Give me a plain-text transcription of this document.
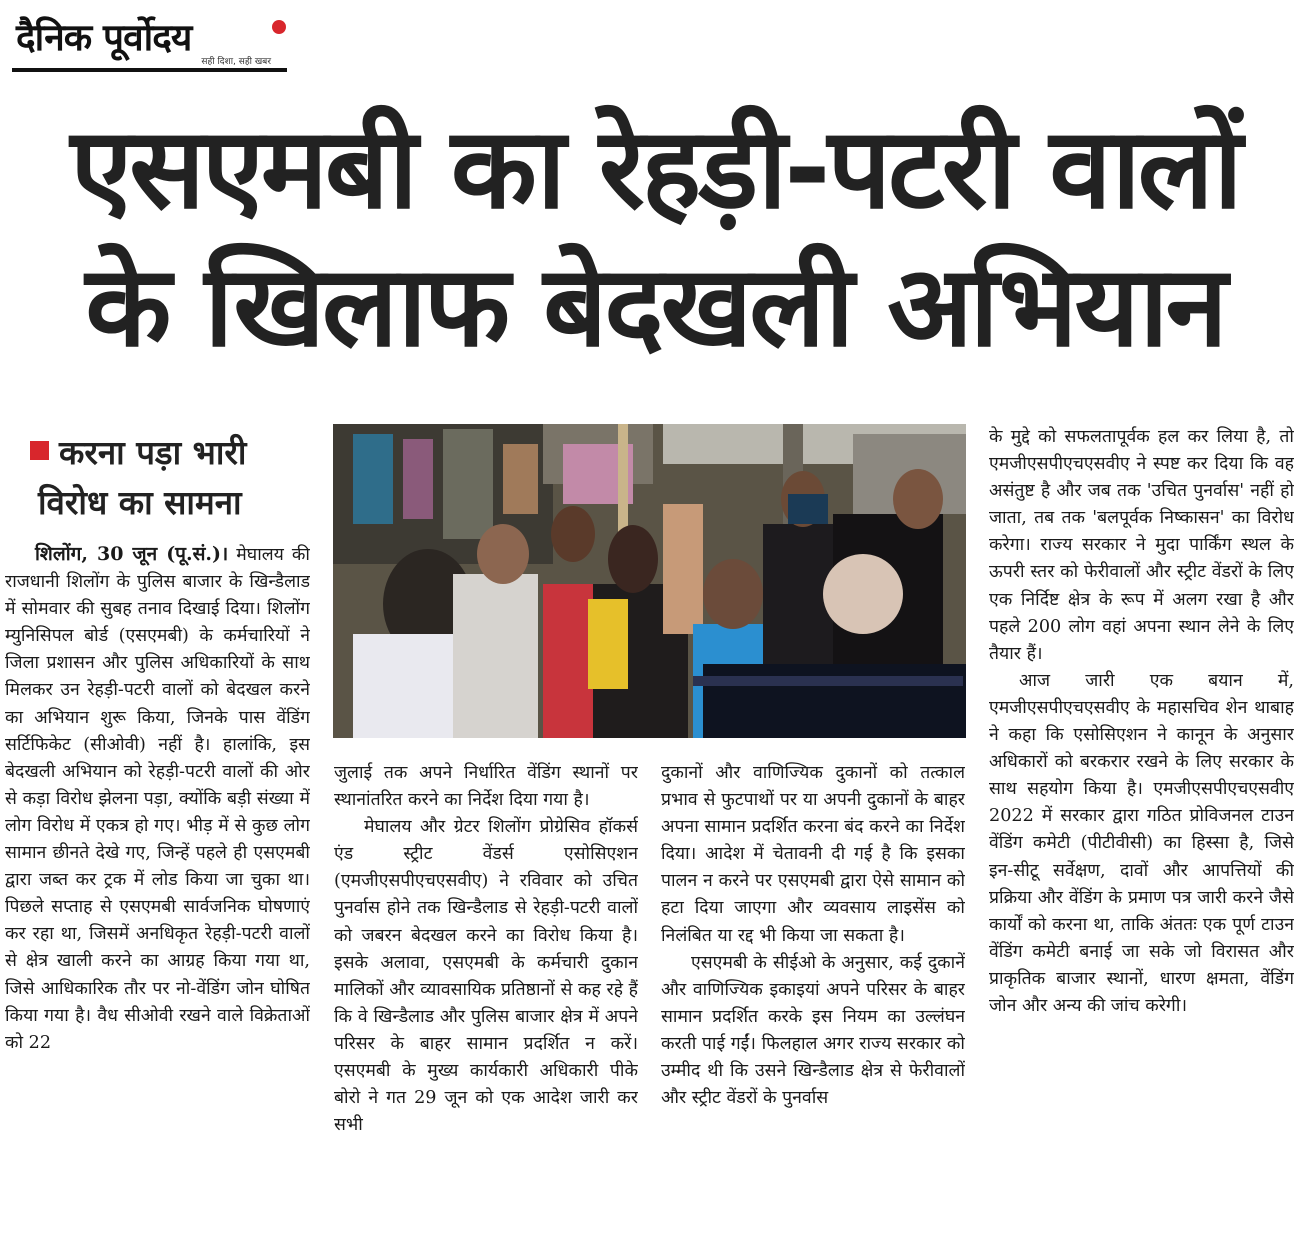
दैनिक पूर्वोदय
सही दिशा, सही खबर
एसएमबी का रेहड़ी-पटरी वालों
के खिलाफ बेदखली अभियान
करना पड़ा भारी
विरोध का सामना

शिलोंग, 30 जून (पू.सं.)। मेघालय की राजधानी शिलोंग के पुलिस बाजार के खिन्डैलाड में सोमवार की सुबह तनाव दिखाई दिया। शिलोंग म्युनिसिपल बोर्ड (एसएमबी) के कर्मचारियों ने जिला प्रशासन और पुलिस अधिकारियों के साथ मिलकर उन रेहड़ी-पटरी वालों को बेदखल करने का अभियान शुरू किया, जिनके पास वेंडिंग सर्टिफिकेट (सीओवी) नहीं है। हालांकि, इस बेदखली अभियान को रेहड़ी-पटरी वालों की ओर से कड़ा विरोध झेलना पड़ा, क्योंकि बड़ी संख्या में लोग विरोध में एकत्र हो गए। भीड़ में से कुछ लोग सामान छीनते देखे गए, जिन्हें पहले ही एसएमबी द्वारा जब्त कर ट्रक में लोड किया जा चुका था। पिछले सप्ताह से एसएमबी सार्वजनिक घोषणाएं कर रहा था, जिसमें अनधिकृत रेहड़ी-पटरी वालों से क्षेत्र खाली करने का आग्रह किया गया था, जिसे आधिकारिक तौर पर नो-वेंडिंग जोन घोषित किया गया है। वैध सीओवी रखने वाले विक्रेताओं को 22

जुलाई तक अपने निर्धारित वेंडिंग स्थानों पर स्थानांतरित करने का निर्देश दिया गया है।

मेघालय और ग्रेटर शिलोंग प्रोग्रेसिव हॉकर्स एंड स्ट्रीट वेंडर्स एसोसिएशन (एमजीएसपीएचएसवीए) ने रविवार को उचित पुनर्वास होने तक खिन्डैलाड से रेहड़ी-पटरी वालों को जबरन बेदखल करने का विरोध किया है। इसके अलावा, एसएमबी के कर्मचारी दुकान मालिकों और व्यावसायिक प्रतिष्ठानों से कह रहे हैं कि वे खिन्डैलाड और पुलिस बाजार क्षेत्र में अपने परिसर के बाहर सामान प्रदर्शित न करें। एसएमबी के मुख्य कार्यकारी अधिकारी पीके बोरो ने गत 29 जून को एक आदेश जारी कर सभी

दुकानों और वाणिज्यिक दुकानों को तत्काल प्रभाव से फुटपाथों पर या अपनी दुकानों के बाहर अपना सामान प्रदर्शित करना बंद करने का निर्देश दिया। आदेश में चेतावनी दी गई है कि इसका पालन न करने पर एसएमबी द्वारा ऐसे सामान को हटा दिया जाएगा और व्यवसाय लाइसेंस को निलंबित या रद्द भी किया जा सकता है।

एसएमबी के सीईओ के अनुसार, कई दुकानें और वाणिज्यिक इकाइयां अपने परिसर के बाहर सामान प्रदर्शित करके इस नियम का उल्लंघन करती पाई गईं। फिलहाल अगर राज्य सरकार को उम्मीद थी कि उसने खिन्डैलाड क्षेत्र से फेरीवालों और स्ट्रीट वेंडरों के पुनर्वास

के मुद्दे को सफलतापूर्वक हल कर लिया है, तो एमजीएसपीएचएसवीए ने स्पष्ट कर दिया कि वह असंतुष्ट है और जब तक 'उचित पुनर्वास' नहीं हो जाता, तब तक 'बलपूर्वक निष्कासन' का विरोध करेगा। राज्य सरकार ने मुदा पार्किंग स्थल के ऊपरी स्तर को फेरीवालों और स्ट्रीट वेंडरों के लिए एक निर्दिष्ट क्षेत्र के रूप में अलग रखा है और पहले 200 लोग वहां अपना स्थान लेने के लिए तैयार हैं।

आज जारी एक बयान में, एमजीएसपीएचएसवीए के महासचिव शेन थाबाह ने कहा कि एसोसिएशन ने कानून के अनुसार अधिकारों को बरकरार रखने के लिए सरकार के साथ सहयोग किया है। एमजीएसपीएचएसवीए 2022 में सरकार द्वारा गठित प्रोविजनल टाउन वेंडिंग कमेटी (पीटीवीसी) का हिस्सा है, जिसे इन-सीटू सर्वेक्षण, दावों और आपत्तियों की प्रक्रिया और वेंडिंग के प्रमाण पत्र जारी करने जैसे कार्यों को करना था, ताकि अंततः एक पूर्ण टाउन वेंडिंग कमेटी बनाई जा सके जो विरासत और प्राकृतिक बाजार स्थानों, धारण क्षमता, वेंडिंग जोन और अन्य की जांच करेगी।
